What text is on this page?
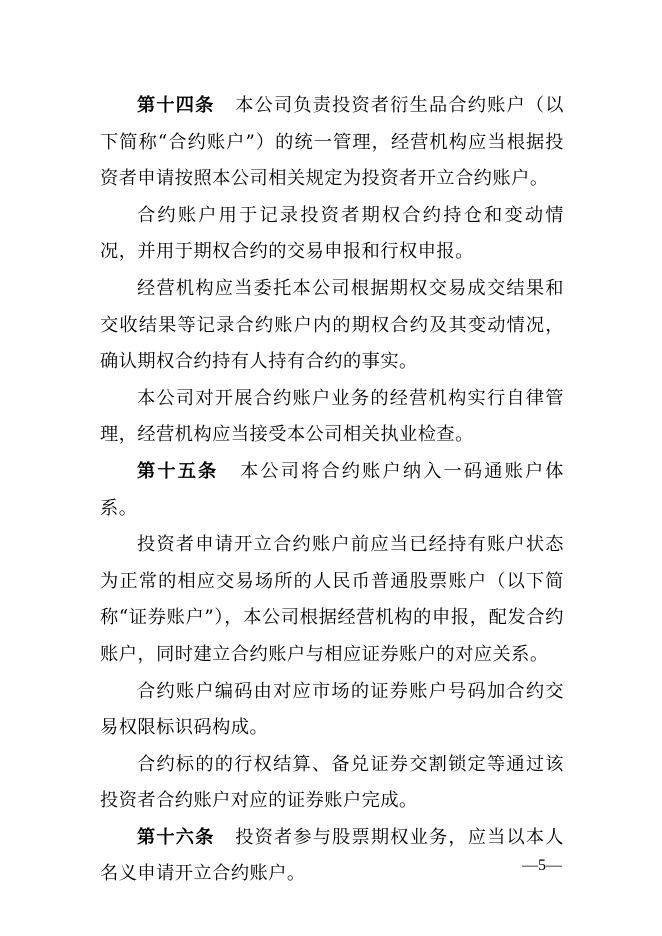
第十四条 本公司负责投资者衍生品合约账户（以下简称“合约账户”）的统一管理，经营机构应当根据投资者申请按照本公司相关规定为投资者开立合约账户。

合约账户用于记录投资者期权合约持仓和变动情况，并用于期权合约的交易申报和行权申报。

经营机构应当委托本公司根据期权交易成交结果和交收结果等记录合约账户内的期权合约及其变动情况，确认期权合约持有人持有合约的事实。

本公司对开展合约账户业务的经营机构实行自律管理，经营机构应当接受本公司相关执业检查。

第十五条 本公司将合约账户纳入一码通账户体系。

投资者申请开立合约账户前应当已经持有账户状态为正常的相应交易场所的人民币普通股票账户（以下简称“证券账户”），本公司根据经营机构的申报，配发合约账户，同时建立合约账户与相应证券账户的对应关系。

合约账户编码由对应市场的证券账户号码加合约交易权限标识码构成。

合约标的的行权结算、备兑证券交割锁定等通过该投资者合约账户对应的证券账户完成。

第十六条 投资者参与股票期权业务，应当以本人名义申请开立合约账户。	—5—
